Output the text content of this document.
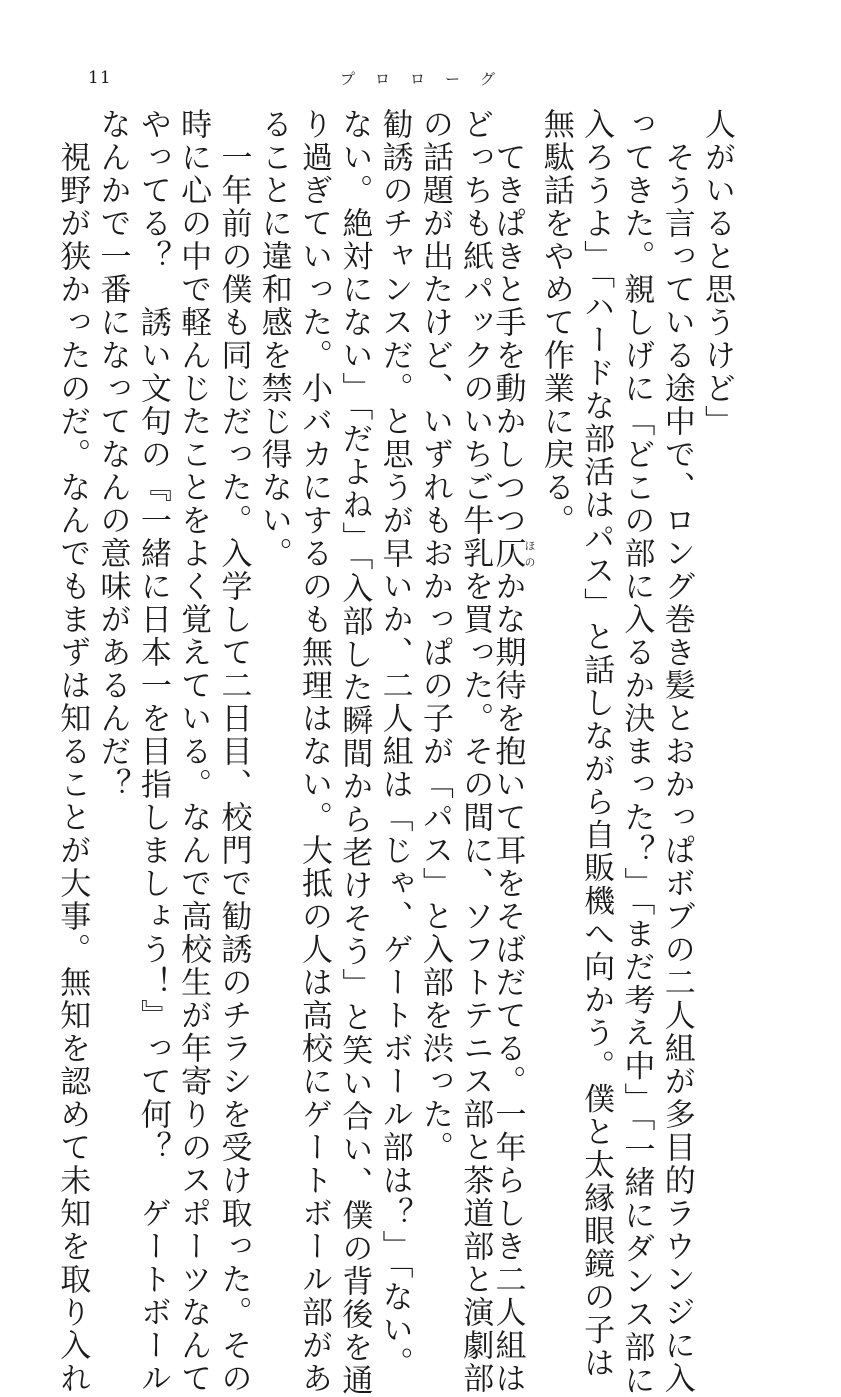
11	プロローグ
人がいると思うけど」
　そう言っている途中で、ロング巻き髪とおかっぱボブの二人組が多目的ラウンジに入
ってきた。親しげに「どこの部に入るか決まった？」「まだ考え中」「一緒にダンス部に
入ろうよ」「ハードな部活はパス」と話しながら自販機へ向かう。僕と太縁眼鏡の子は
無駄話をやめて作業に戻る。
　てきぱきと手を動かしつつ仄ほのかな期待を抱いて耳をそばだてる。一年らしき二人組は
どっちも紙パックのいちご牛乳を買った。その間に、ソフトテニス部と茶道部と演劇部
の話題が出たけど、いずれもおかっぱの子が「パス」と入部を渋った。
勧誘のチャンスだ。と思うが早いか、二人組は「じゃ、ゲートボール部は？」「ない。
ない。絶対にない」「だよね」「入部した瞬間から老けそう」と笑い合い、僕の背後を通
り過ぎていった。小バカにするのも無理はない。大抵の人は高校にゲートボール部があ
ることに違和感を禁じ得ない。
　一年前の僕も同じだった。入学して二日目、校門で勧誘のチラシを受け取った。その
時に心の中で軽んじたことをよく覚えている。なんで高校生が年寄りのスポーツなんて
やってる？　誘い文句の『一緒に日本一を目指しましょう！』って何？　ゲートボール
なんかで一番になってなんの意味があるんだ？
　視野が狭かったのだ。なんでもまずは知ることが大事。無知を認めて未知を取り入れ
